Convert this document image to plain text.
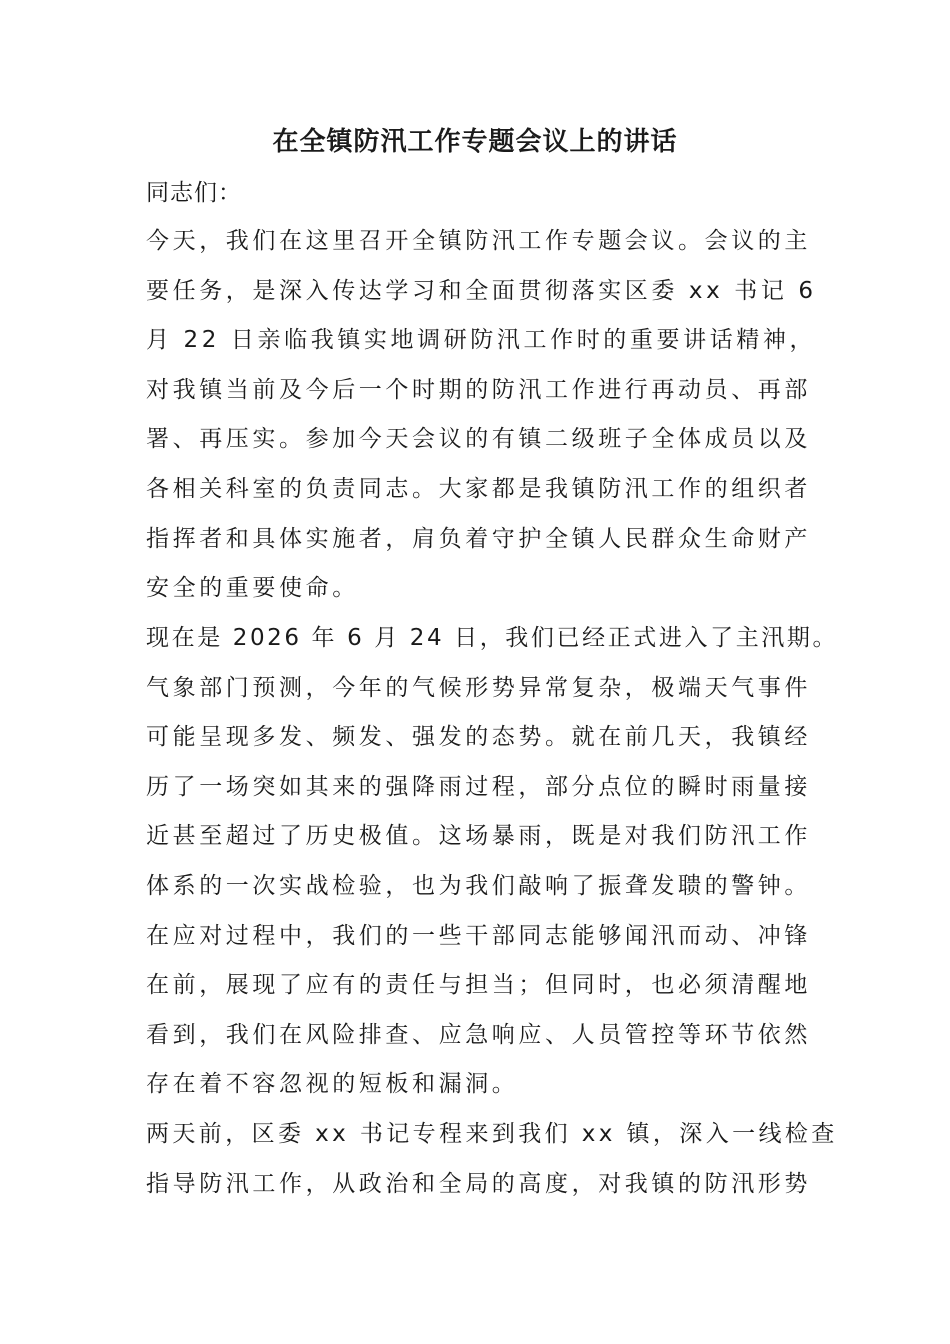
在全镇防汛工作专题会议上的讲话

同志们：

今天，我们在这里召开全镇防汛工作专题会议。会议的主
要任务，是深入传达学习和全面贯彻落实区委 xx 书记 6
月 22 日亲临我镇实地调研防汛工作时的重要讲话精神，
对我镇当前及今后一个时期的防汛工作进行再动员、再部
署、再压实。参加今天会议的有镇二级班子全体成员以及
各相关科室的负责同志。大家都是我镇防汛工作的组织者
指挥者和具体实施者，肩负着守护全镇人民群众生命财产
安全的重要使命。
现在是 2026 年 6 月 24 日，我们已经正式进入了主汛期。
气象部门预测，今年的气候形势异常复杂，极端天气事件
可能呈现多发、频发、强发的态势。就在前几天，我镇经
历了一场突如其来的强降雨过程，部分点位的瞬时雨量接
近甚至超过了历史极值。这场暴雨，既是对我们防汛工作
体系的一次实战检验，也为我们敲响了振聋发聩的警钟。
在应对过程中，我们的一些干部同志能够闻汛而动、冲锋
在前，展现了应有的责任与担当；但同时，也必须清醒地
看到，我们在风险排查、应急响应、人员管控等环节依然
存在着不容忽视的短板和漏洞。
两天前，区委 xx 书记专程来到我们 xx 镇，深入一线检查
指导防汛工作，从政治和全局的高度，对我镇的防汛形势
